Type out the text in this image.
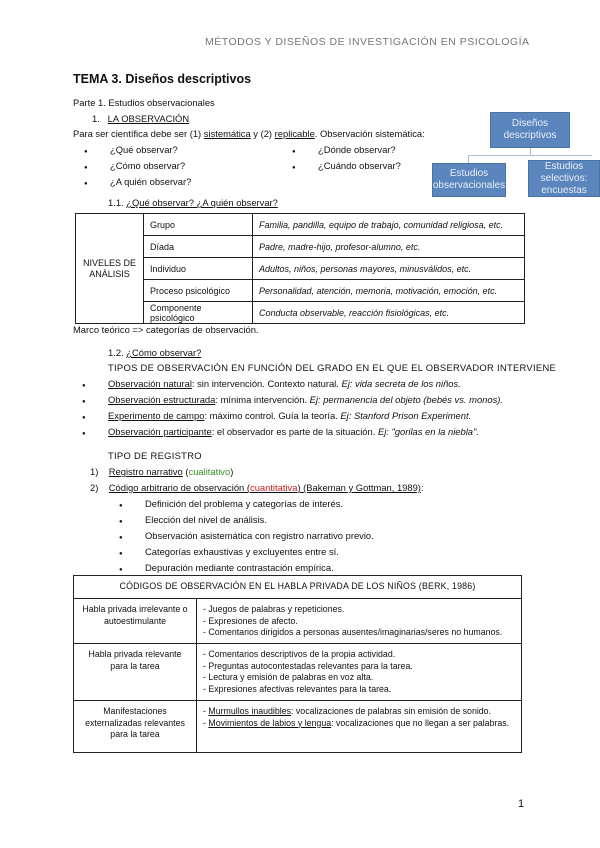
MÉTODOS Y DISEÑOS DE INVESTIGACIÓN EN PSICOLOGÍA
TEMA 3. Diseños descriptivos
Parte 1. Estudios observacionales
1. LA OBSERVACIÓN
Para ser científica debe ser (1) sistemática y (2) replicable. Observación sistemática:
● ¿Qué observar?
● ¿Cómo observar?
● ¿A quién observar?
● ¿Dónde observar?
● ¿Cuándo observar?
Diseños descriptivos
Estudios observacionales
Estudios selectivos: encuestas
1.1. ¿Qué observar? ¿A quién observar?
NIVELES DE ANÁLISIS	Grupo	Familia, pandilla, equipo de trabajo, comunidad religiosa, etc.
	Díada	Padre, madre-hijo, profesor-alumno, etc.
	Individuo	Adultos, niños, personas mayores, minusválidos, etc.
	Proceso psicológico	Personalidad, atención, memoria, motivación, emoción, etc.
	Componente psicológico	Conducta observable, reacción fisiológicas, etc.
Marco teórico => categorías de observación.
1.2. ¿Cómo observar?
TIPOS DE OBSERVACIÓN EN FUNCIÓN DEL GRADO EN EL QUE EL OBSERVADOR INTERVIENE
● Observación natural: sin intervención. Contexto natural. Ej: vida secreta de los niños.
● Observación estructurada: mínima intervención. Ej: permanencia del objeto (bebés vs. monos).
● Experimento de campo: máximo control. Guía la teoría. Ej: Stanford Prison Experiment.
● Observación participante: el observador es parte de la situación. Ej: "gorilas en la niebla".
TIPO DE REGISTRO
1) Registro narrativo (cualitativo)
2) Código arbitrario de observación (cuantitativa) (Bakeman y Gottman, 1989):
● Definición del problema y categorías de interés.
● Elección del nivel de análisis.
● Observación asistemática con registro narrativo previo.
● Categorías exhaustivas y excluyentes entre sí.
● Depuración mediante contrastación empírica.
CÓDIGOS DE OBSERVACIÓN EN EL HABLA PRIVADA DE LOS NIÑOS (BERK, 1986)	
Habla privada irrelevante o autoestimulante	- Juegos de palabras y repeticiones.
- Expresiones de afecto.
- Comentarios dirigidos a personas ausentes/imaginarias/seres no humanos.

Habla privada relevante para la tarea	- Comentarios descriptivos de la propia actividad.
- Preguntas autocontestadas relevantes para la tarea.
- Lectura y emisión de palabras en voz alta.
- Expresiones afectivas relevantes para la tarea.

Manifestaciones externalizadas relevantes para la tarea	- Murmullos inaudibles: vocalizaciones de palabras sin emisión de sonido.
- Movimientos de labios y lengua: vocalizaciones que no llegan a ser palabras.
1
